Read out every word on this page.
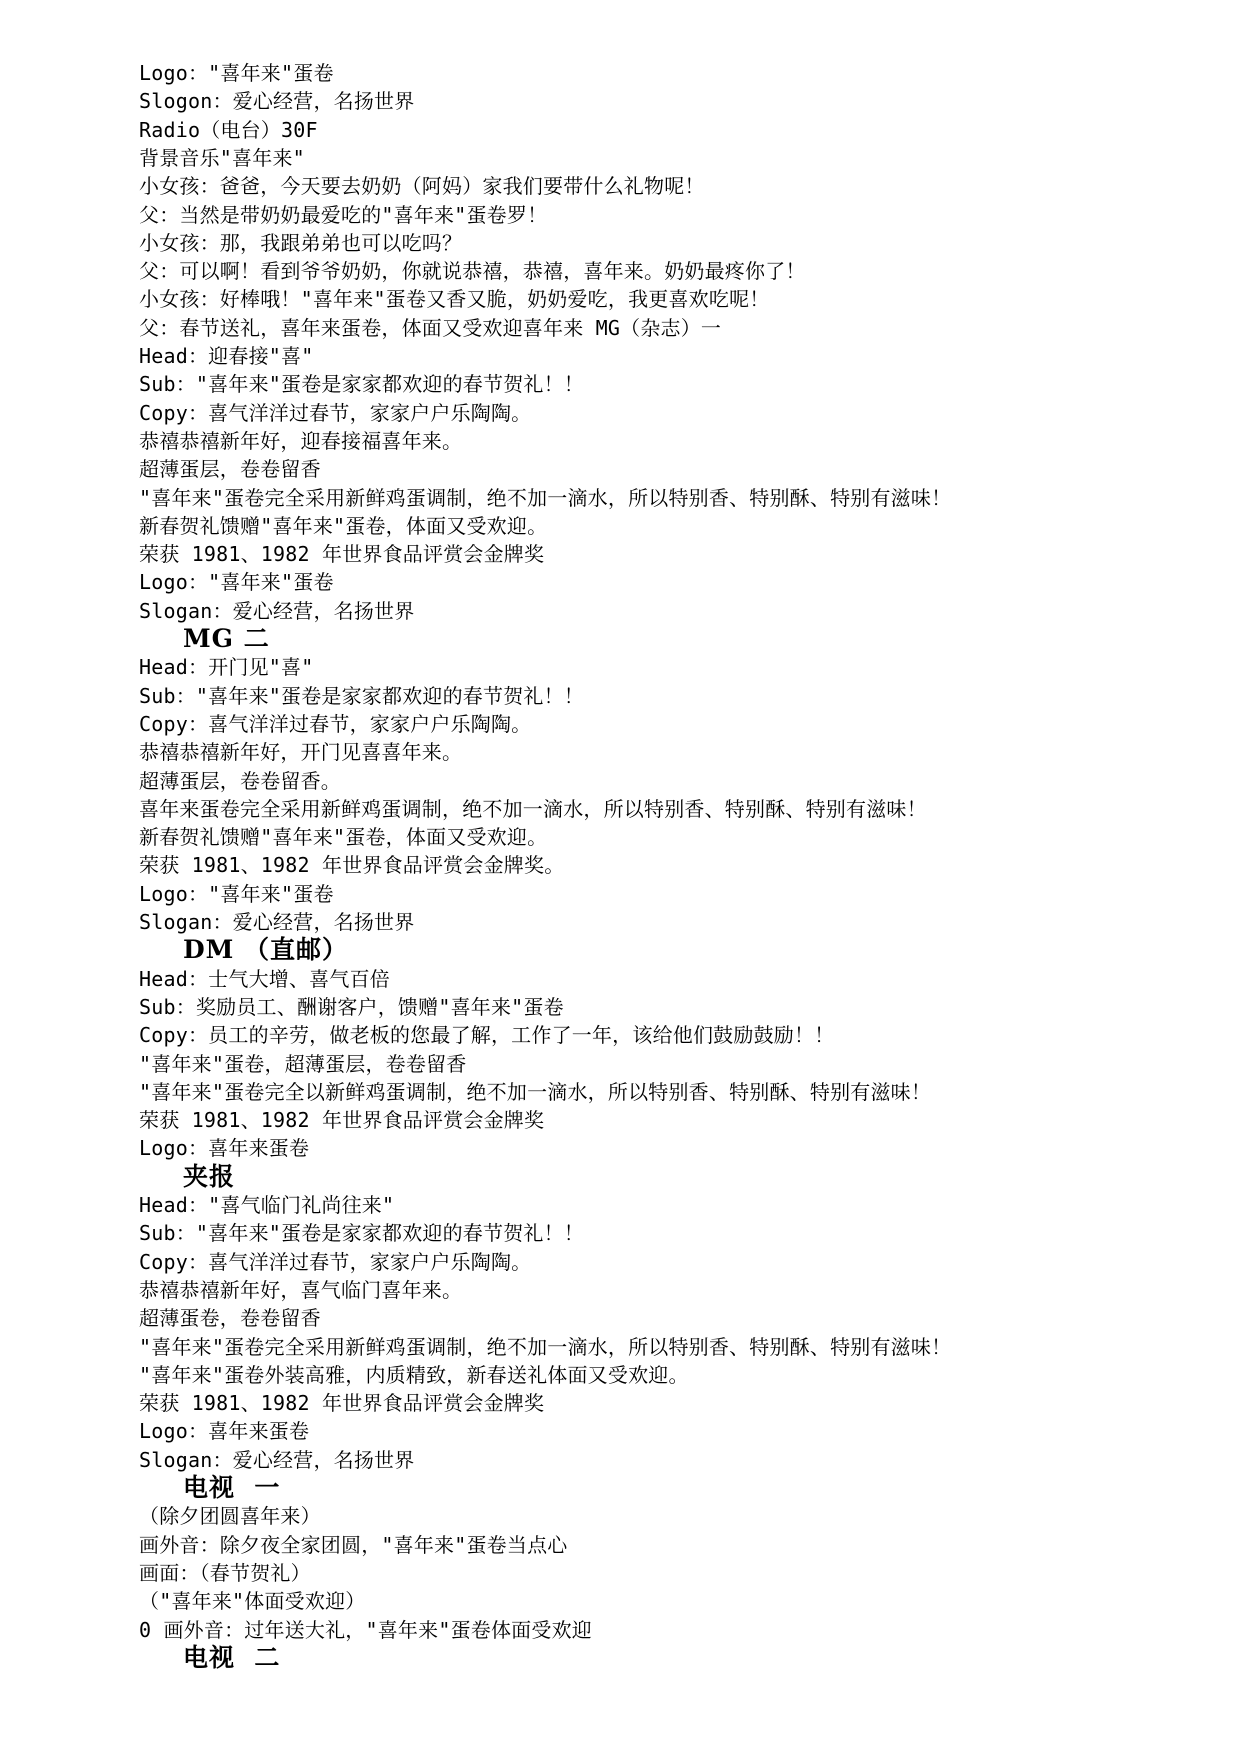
Logo："喜年来"蛋卷
Slogon：爱心经营，名扬世界
Radio（电台）30F
背景音乐"喜年来"
小女孩：爸爸，今天要去奶奶（阿妈）家我们要带什么礼物呢！
父：当然是带奶奶最爱吃的"喜年来"蛋卷罗！
小女孩：那，我跟弟弟也可以吃吗？
父：可以啊！看到爷爷奶奶，你就说恭禧，恭禧，喜年来。奶奶最疼你了！
小女孩：好棒哦！"喜年来"蛋卷又香又脆，奶奶爱吃，我更喜欢吃呢！
父：春节送礼，喜年来蛋卷，体面又受欢迎喜年来 MG（杂志）一
Head：迎春接"喜"
Sub："喜年来"蛋卷是家家都欢迎的春节贺礼！！
Copy：喜气洋洋过春节，家家户户乐陶陶。
恭禧恭禧新年好，迎春接福喜年来。
超薄蛋层，卷卷留香
"喜年来"蛋卷完全采用新鲜鸡蛋调制，绝不加一滴水，所以特别香、特别酥、特别有滋味！
新春贺礼馈赠"喜年来"蛋卷，体面又受欢迎。
荣获 1981、1982 年世界食品评赏会金牌奖
Logo："喜年来"蛋卷
Slogan：爱心经营，名扬世界
MG 二
Head：开门见"喜"
Sub："喜年来"蛋卷是家家都欢迎的春节贺礼！！
Copy：喜气洋洋过春节，家家户户乐陶陶。
恭禧恭禧新年好，开门见喜喜年来。
超薄蛋层，卷卷留香。
喜年来蛋卷完全采用新鲜鸡蛋调制，绝不加一滴水，所以特别香、特别酥、特别有滋味！
新春贺礼馈赠"喜年来"蛋卷，体面又受欢迎。
荣获 1981、1982 年世界食品评赏会金牌奖。
Logo："喜年来"蛋卷
Slogan：爱心经营，名扬世界
DM （直邮）
Head：士气大增、喜气百倍
Sub：奖励员工、酬谢客户，馈赠"喜年来"蛋卷
Copy：员工的辛劳，做老板的您最了解，工作了一年，该给他们鼓励鼓励！！
"喜年来"蛋卷，超薄蛋层，卷卷留香
"喜年来"蛋卷完全以新鲜鸡蛋调制，绝不加一滴水，所以特别香、特别酥、特别有滋味！
荣获 1981、1982 年世界食品评赏会金牌奖
Logo：喜年来蛋卷
夹报
Head："喜气临门礼尚往来"
Sub："喜年来"蛋卷是家家都欢迎的春节贺礼！！
Copy：喜气洋洋过春节，家家户户乐陶陶。
恭禧恭禧新年好，喜气临门喜年来。
超薄蛋卷，卷卷留香
"喜年来"蛋卷完全采用新鲜鸡蛋调制，绝不加一滴水，所以特别香、特别酥、特别有滋味！
"喜年来"蛋卷外装高雅，内质精致，新春送礼体面又受欢迎。
荣获 1981、1982 年世界食品评赏会金牌奖
Logo：喜年来蛋卷
Slogan：爱心经营，名扬世界
电视  一
（除夕团圆喜年来）
画外音：除夕夜全家团圆，"喜年来"蛋卷当点心
画面：（春节贺礼）
（"喜年来"体面受欢迎）
0 画外音：过年送大礼，"喜年来"蛋卷体面受欢迎
电视  二
